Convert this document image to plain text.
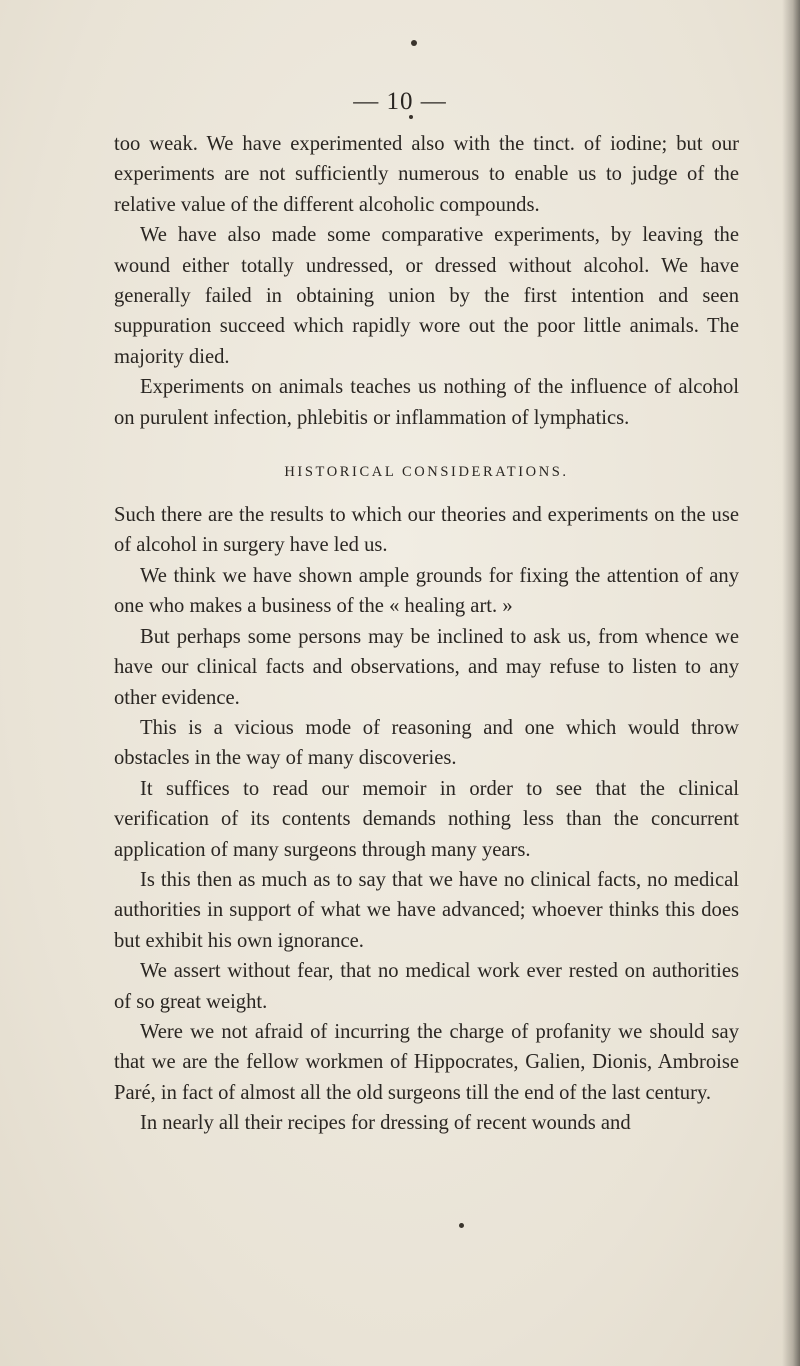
— 10 —

too weak. We have experimented also with the tinct. of iodine; but our experiments are not sufficiently numerous to enable us to judge of the relative value of the different alcoholic compounds.

We have also made some comparative experiments, by leaving the wound either totally undressed, or dressed without alcohol. We have generally failed in obtaining union by the first intention and seen suppuration succeed which rapidly wore out the poor little animals. The majority died.

Experiments on animals teaches us nothing of the influence of alcohol on purulent infection, phlebitis or inflammation of lymphatics.

HISTORICAL CONSIDERATIONS.

Such there are the results to which our theories and experiments on the use of alcohol in surgery have led us.

We think we have shown ample grounds for fixing the attention of any one who makes a business of the « healing art. »

But perhaps some persons may be inclined to ask us, from whence we have our clinical facts and observations, and may refuse to listen to any other evidence.

This is a vicious mode of reasoning and one which would throw obstacles in the way of many discoveries.

It suffices to read our memoir in order to see that the clinical verification of its contents demands nothing less than the concurrent application of many surgeons through many years.

Is this then as much as to say that we have no clinical facts, no medical authorities in support of what we have advanced; whoever thinks this does but exhibit his own ignorance.

We assert without fear, that no medical work ever rested on authorities of so great weight.

Were we not afraid of incurring the charge of profanity we should say that we are the fellow workmen of Hippocrates, Galien, Dionis, Ambroise Paré, in fact of almost all the old surgeons till the end of the last century.

In nearly all their recipes for dressing of recent wounds and
